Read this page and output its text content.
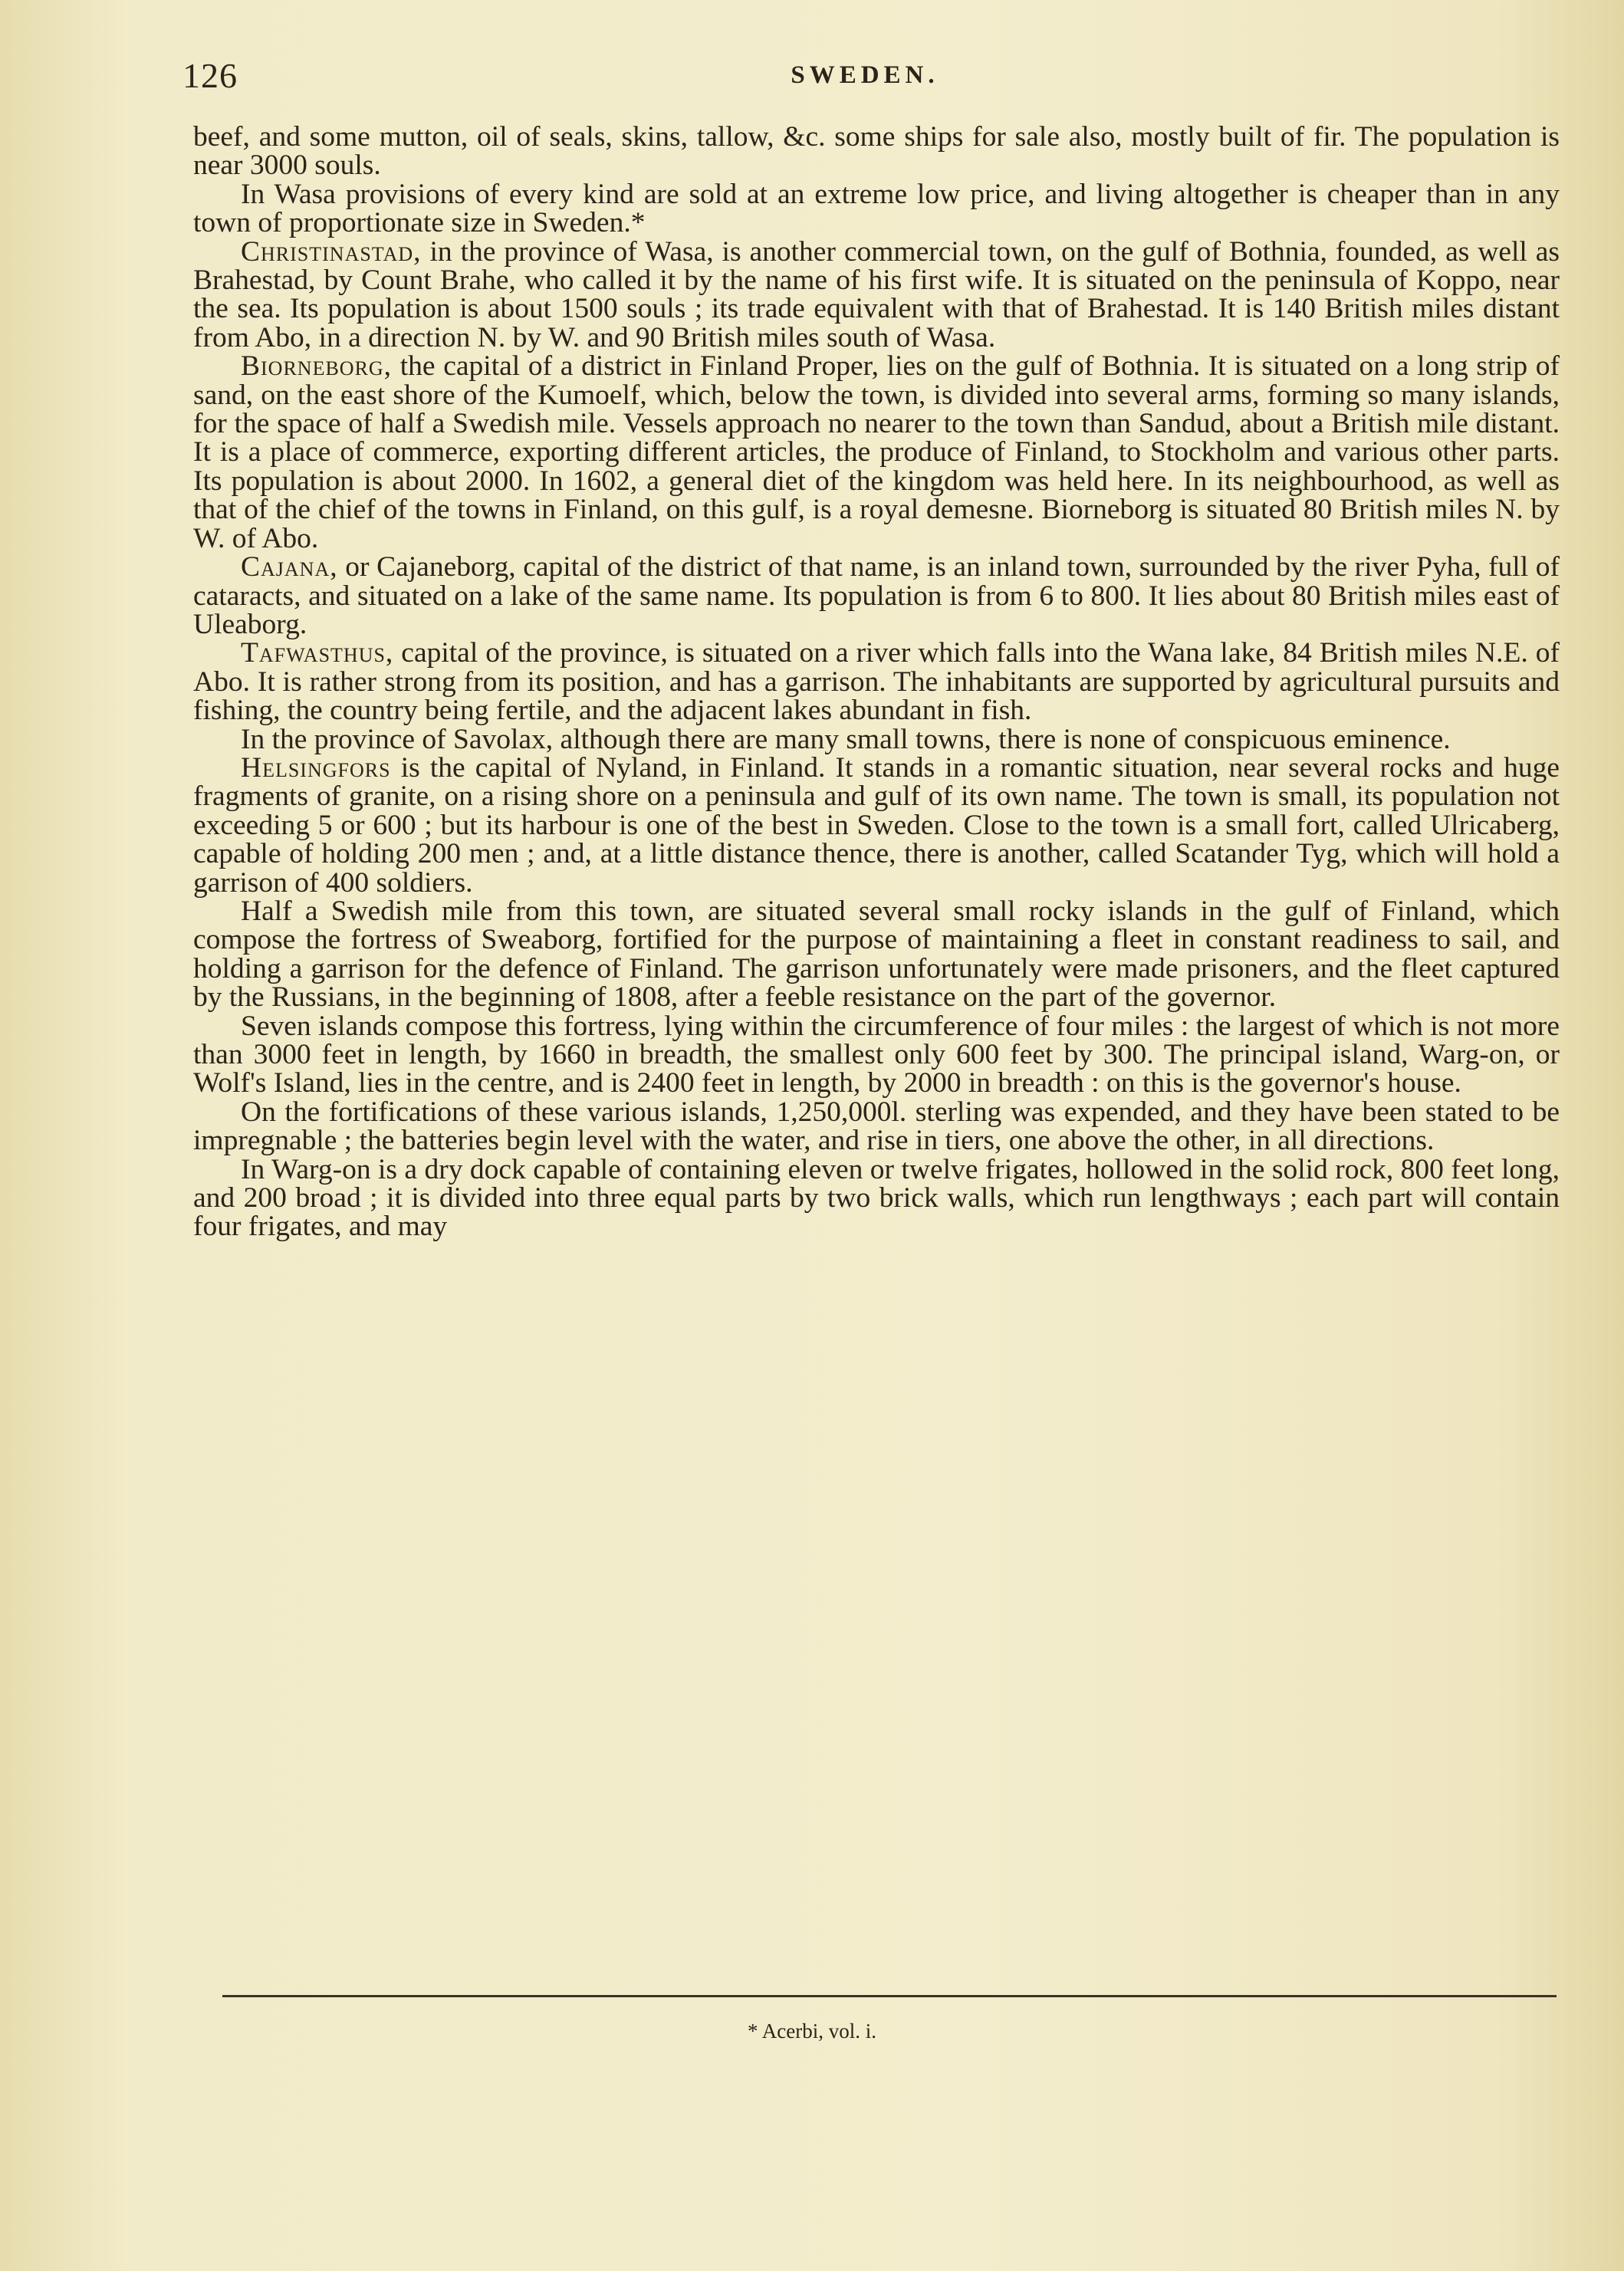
126	SWEDEN.

beef, and some mutton, oil of seals, skins, tallow, &c. some ships for sale also, mostly built of fir. The population is near 3000 souls.

In Wasa provisions of every kind are sold at an extreme low price, and living altogether is cheaper than in any town of proportionate size in Sweden.*

Christinastad, in the province of Wasa, is another commercial town, on the gulf of Bothnia, founded, as well as Brahestad, by Count Brahe, who called it by the name of his first wife. It is situated on the peninsula of Koppo, near the sea. Its population is about 1500 souls ; its trade equivalent with that of Brahestad. It is 140 British miles distant from Abo, in a direction N. by W. and 90 British miles south of Wasa.

Biorneborg, the capital of a district in Finland Proper, lies on the gulf of Bothnia. It is situated on a long strip of sand, on the east shore of the Kumoelf, which, below the town, is divided into several arms, forming so many islands, for the space of half a Swedish mile. Vessels approach no nearer to the town than Sandud, about a British mile distant. It is a place of commerce, exporting different articles, the produce of Finland, to Stockholm and various other parts. Its population is about 2000. In 1602, a general diet of the kingdom was held here. In its neighbourhood, as well as that of the chief of the towns in Finland, on this gulf, is a royal demesne. Biorneborg is situated 80 British miles N. by W. of Abo.

Cajana, or Cajaneborg, capital of the district of that name, is an inland town, surrounded by the river Pyha, full of cataracts, and situated on a lake of the same name. Its population is from 6 to 800. It lies about 80 British miles east of Uleaborg.

Tafwasthus, capital of the province, is situated on a river which falls into the Wana lake, 84 British miles N.E. of Abo. It is rather strong from its position, and has a garrison. The inhabitants are supported by agricultural pursuits and fishing, the country being fertile, and the adjacent lakes abundant in fish.

In the province of Savolax, although there are many small towns, there is none of conspicuous eminence.

Helsingfors is the capital of Nyland, in Finland. It stands in a romantic situation, near several rocks and huge fragments of granite, on a rising shore on a peninsula and gulf of its own name. The town is small, its population not exceeding 5 or 600 ; but its harbour is one of the best in Sweden. Close to the town is a small fort, called Ulricaberg, capable of holding 200 men ; and, at a little distance thence, there is another, called Scatander Tyg, which will hold a garrison of 400 soldiers.

Half a Swedish mile from this town, are situated several small rocky islands in the gulf of Finland, which compose the fortress of Sweaborg, fortified for the purpose of maintaining a fleet in constant readiness to sail, and holding a garrison for the defence of Finland. The garrison unfortunately were made prisoners, and the fleet captured by the Russians, in the beginning of 1808, after a feeble resistance on the part of the governor.

Seven islands compose this fortress, lying within the circumference of four miles : the largest of which is not more than 3000 feet in length, by 1660 in breadth, the smallest only 600 feet by 300. The principal island, Warg-on, or Wolf's Island, lies in the centre, and is 2400 feet in length, by 2000 in breadth : on this is the governor's house.

On the fortifications of these various islands, 1,250,000l. sterling was expended, and they have been stated to be impregnable ; the batteries begin level with the water, and rise in tiers, one above the other, in all directions.

In Warg-on is a dry dock capable of containing eleven or twelve frigates, hollowed in the solid rock, 800 feet long, and 200 broad ; it is divided into three equal parts by two brick walls, which run lengthways ; each part will contain four frigates, and may

* Acerbi, vol. i.
